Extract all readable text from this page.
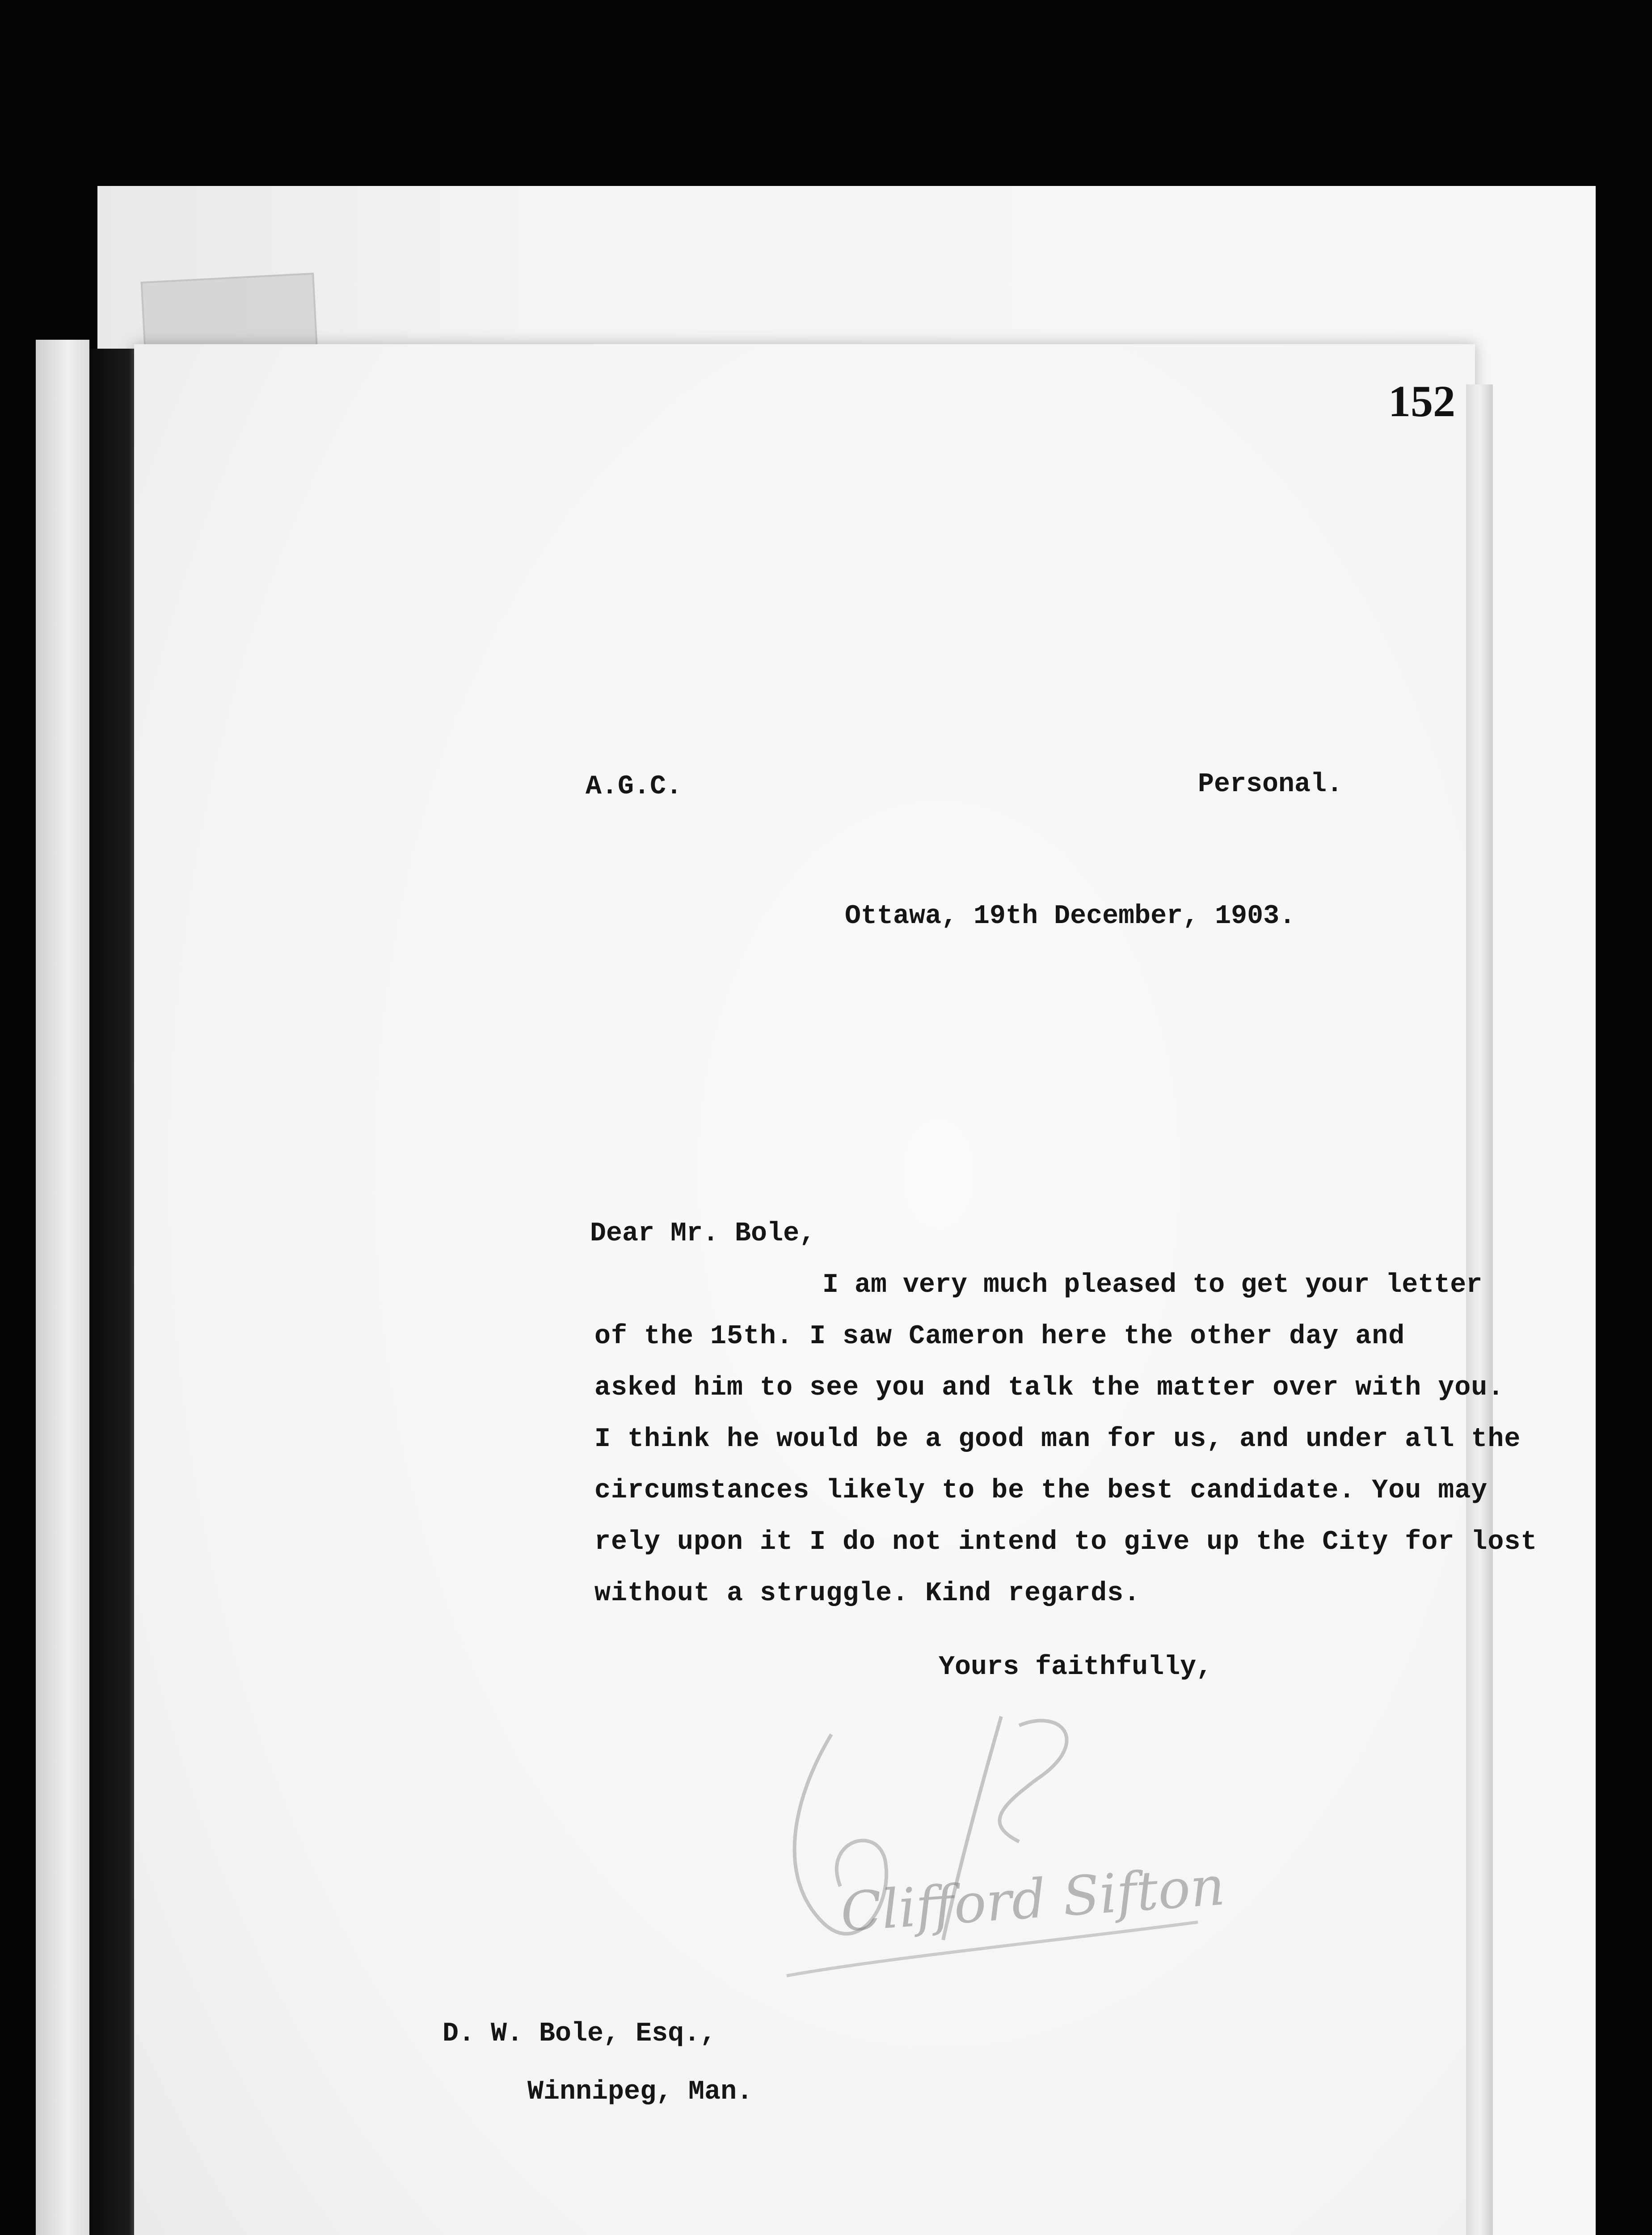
152

A.G.C.	Personal.

Ottawa, 19th December, 1903.

Dear Mr. Bole,

I am very much pleased to get your letter

of the 15th. I saw Cameron here the other day and

asked him to see you and talk the matter over with you.

I think he would be a good man for us, and under all the

circumstances likely to be the best candidate. You may

rely upon it I do not intend to give up the City for lost

without a struggle. Kind regards.

Yours faithfully,

Clifford Sifton

D. W. Bole, Esq.,

Winnipeg, Man.
